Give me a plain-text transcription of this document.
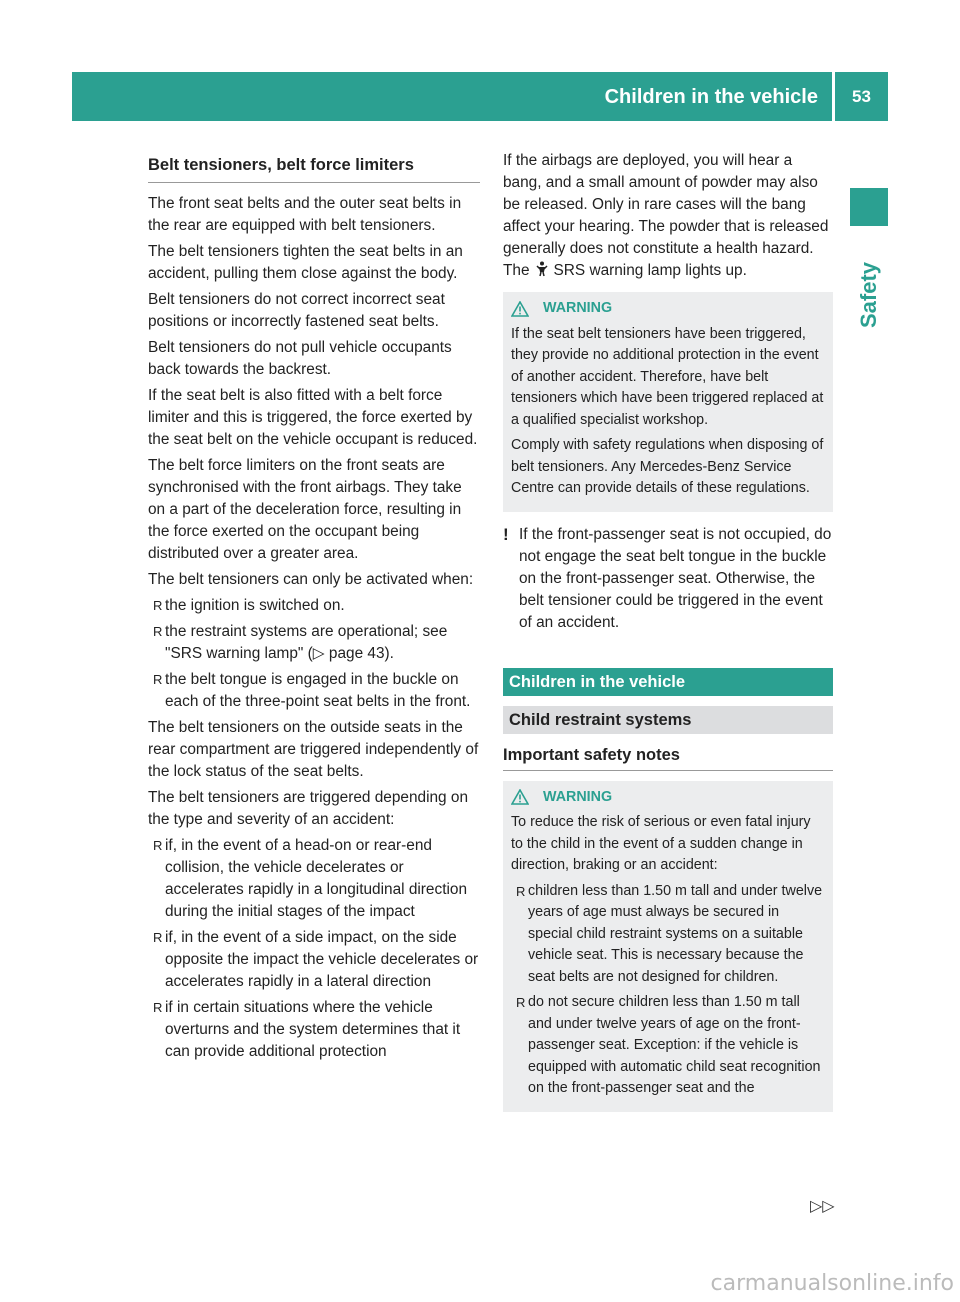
Children in the vehicle	53
Safety
Belt tensioners, belt force limiters

The front seat belts and the outer seat belts in the rear are equipped with belt tensioners.

The belt tensioners tighten the seat belts in an accident, pulling them close against the body.

Belt tensioners do not correct incorrect seat positions or incorrectly fastened seat belts.

Belt tensioners do not pull vehicle occupants back towards the backrest.

If the seat belt is also fitted with a belt force limiter and this is triggered, the force exerted by the seat belt on the vehicle occupant is reduced.

The belt force limiters on the front seats are synchronised with the front airbags. They take on a part of the deceleration force, resulting in the force exerted on the occupant being distributed over a greater area.

The belt tensioners can only be activated when:

R the ignition is switched on.
R the restraint systems are operational; see "SRS warning lamp" (▷ page 43).
R the belt tongue is engaged in the buckle on each of the three-point seat belts in the front.

The belt tensioners on the outside seats in the rear compartment are triggered independently of the lock status of the seat belts.

The belt tensioners are triggered depending on the type and severity of an accident:

R if, in the event of a head-on or rear-end collision, the vehicle decelerates or accelerates rapidly in a longitudinal direction during the initial stages of the impact
R if, in the event of a side impact, on the side opposite the impact the vehicle decelerates or accelerates rapidly in a lateral direction
R if in certain situations where the vehicle overturns and the system determines that it can provide additional protection

If the airbags are deployed, you will hear a bang, and a small amount of powder may also be released. Only in rare cases will the bang affect your hearing. The powder that is released generally does not constitute a health hazard. The SRS warning lamp lights up.

WARNING

If the seat belt tensioners have been triggered, they provide no additional protection in the event of another accident. Therefore, have belt tensioners which have been triggered replaced at a qualified specialist workshop.

Comply with safety regulations when disposing of belt tensioners. Any Mercedes-Benz Service Centre can provide details of these regulations.

! If the front-passenger seat is not occupied, do not engage the seat belt tongue in the buckle on the front-passenger seat. Otherwise, the belt tensioner could be triggered in the event of an accident.
Children in the vehicle
Child restraint systems
Important safety notes
WARNING

To reduce the risk of serious or even fatal injury to the child in the event of a sudden change in direction, braking or an accident:

R children less than 1.50 m tall and under twelve years of age must always be secured in special child restraint systems on a suitable vehicle seat. This is necessary because the seat belts are not designed for children.
R do not secure children less than 1.50 m tall and under twelve years of age on the front-passenger seat. Exception: if the vehicle is equipped with automatic child seat recognition on the front-passenger seat and the
▷▷
carmanualsonline.info
